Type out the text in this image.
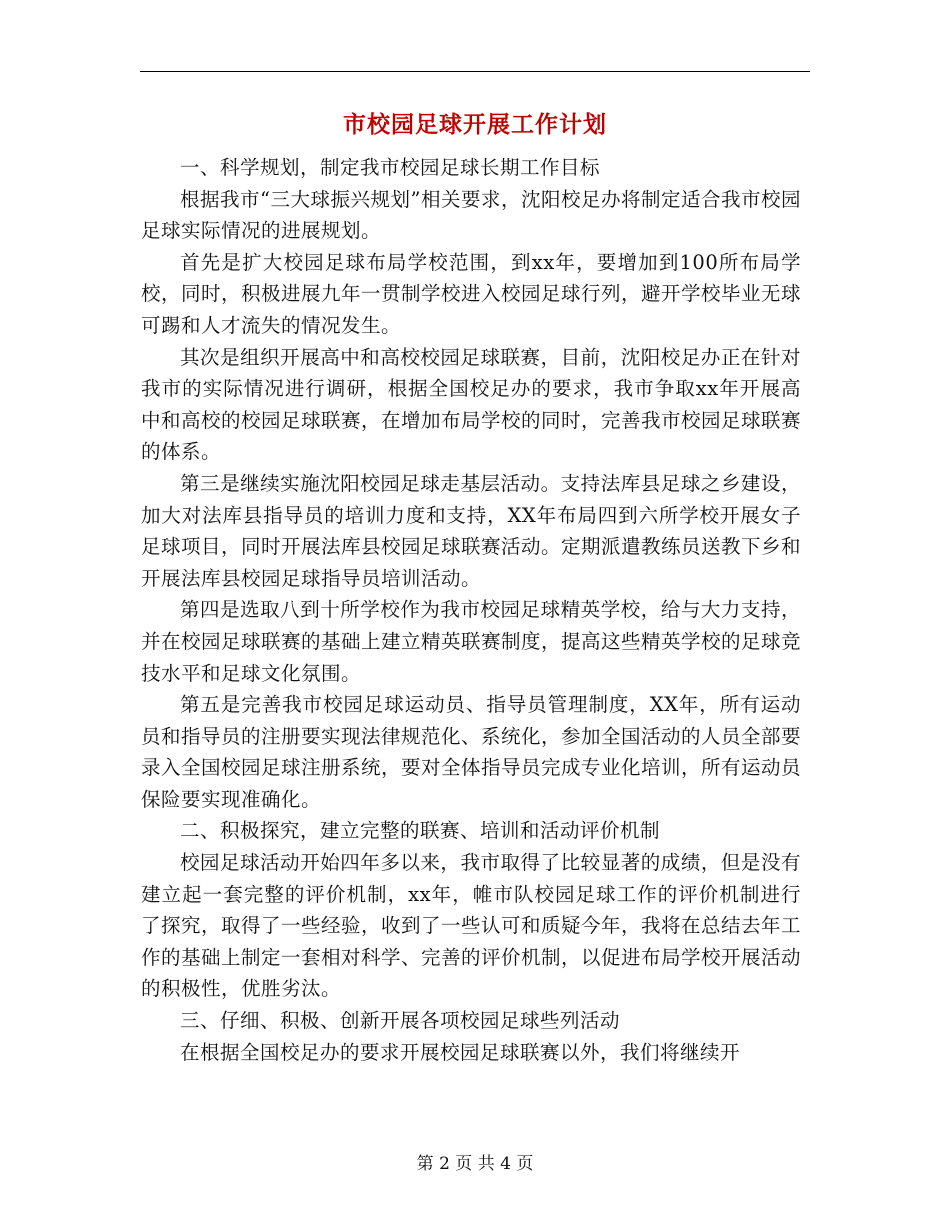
市校园足球开展工作计划

一、科学规划，制定我市校园足球长期工作目标

根据我市“三大球振兴规划”相关要求，沈阳校足办将制定适合我市校园足球实际情况的进展规划。

首先是扩大校园足球布局学校范围，到xx年，要增加到100所布局学校，同时，积极进展九年一贯制学校进入校园足球行列，避开学校毕业无球可踢和人才流失的情况发生。

其次是组织开展高中和高校校园足球联赛，目前，沈阳校足办正在针对我市的实际情况进行调研，根据全国校足办的要求，我市争取xx年开展高中和高校的校园足球联赛，在增加布局学校的同时，完善我市校园足球联赛的体系。

第三是继续实施沈阳校园足球走基层活动。支持法库县足球之乡建设，加大对法库县指导员的培训力度和支持，XX年布局四到六所学校开展女子足球项目，同时开展法库县校园足球联赛活动。定期派遣教练员送教下乡和开展法库县校园足球指导员培训活动。

第四是选取八到十所学校作为我市校园足球精英学校，给与大力支持，并在校园足球联赛的基础上建立精英联赛制度，提高这些精英学校的足球竞技水平和足球文化氛围。

第五是完善我市校园足球运动员、指导员管理制度，XX年，所有运动员和指导员的注册要实现法律规范化、系统化，参加全国活动的人员全部要录入全国校园足球注册系统，要对全体指导员完成专业化培训，所有运动员保险要实现准确化。

二、积极探究，建立完整的联赛、培训和活动评价机制

校园足球活动开始四年多以来，我市取得了比较显著的成绩，但是没有建立起一套完整的评价机制，xx年，帷市队校园足球工作的评价机制进行了探究，取得了一些经验，收到了一些认可和质疑今年，我将在总结去年工作的基础上制定一套相对科学、完善的评价机制，以促进布局学校开展活动的积极性，优胜劣汰。

三、仔细、积极、创新开展各项校园足球些列活动

在根据全国校足办的要求开展校园足球联赛以外，我们将继续开

第 2 页 共 4 页
